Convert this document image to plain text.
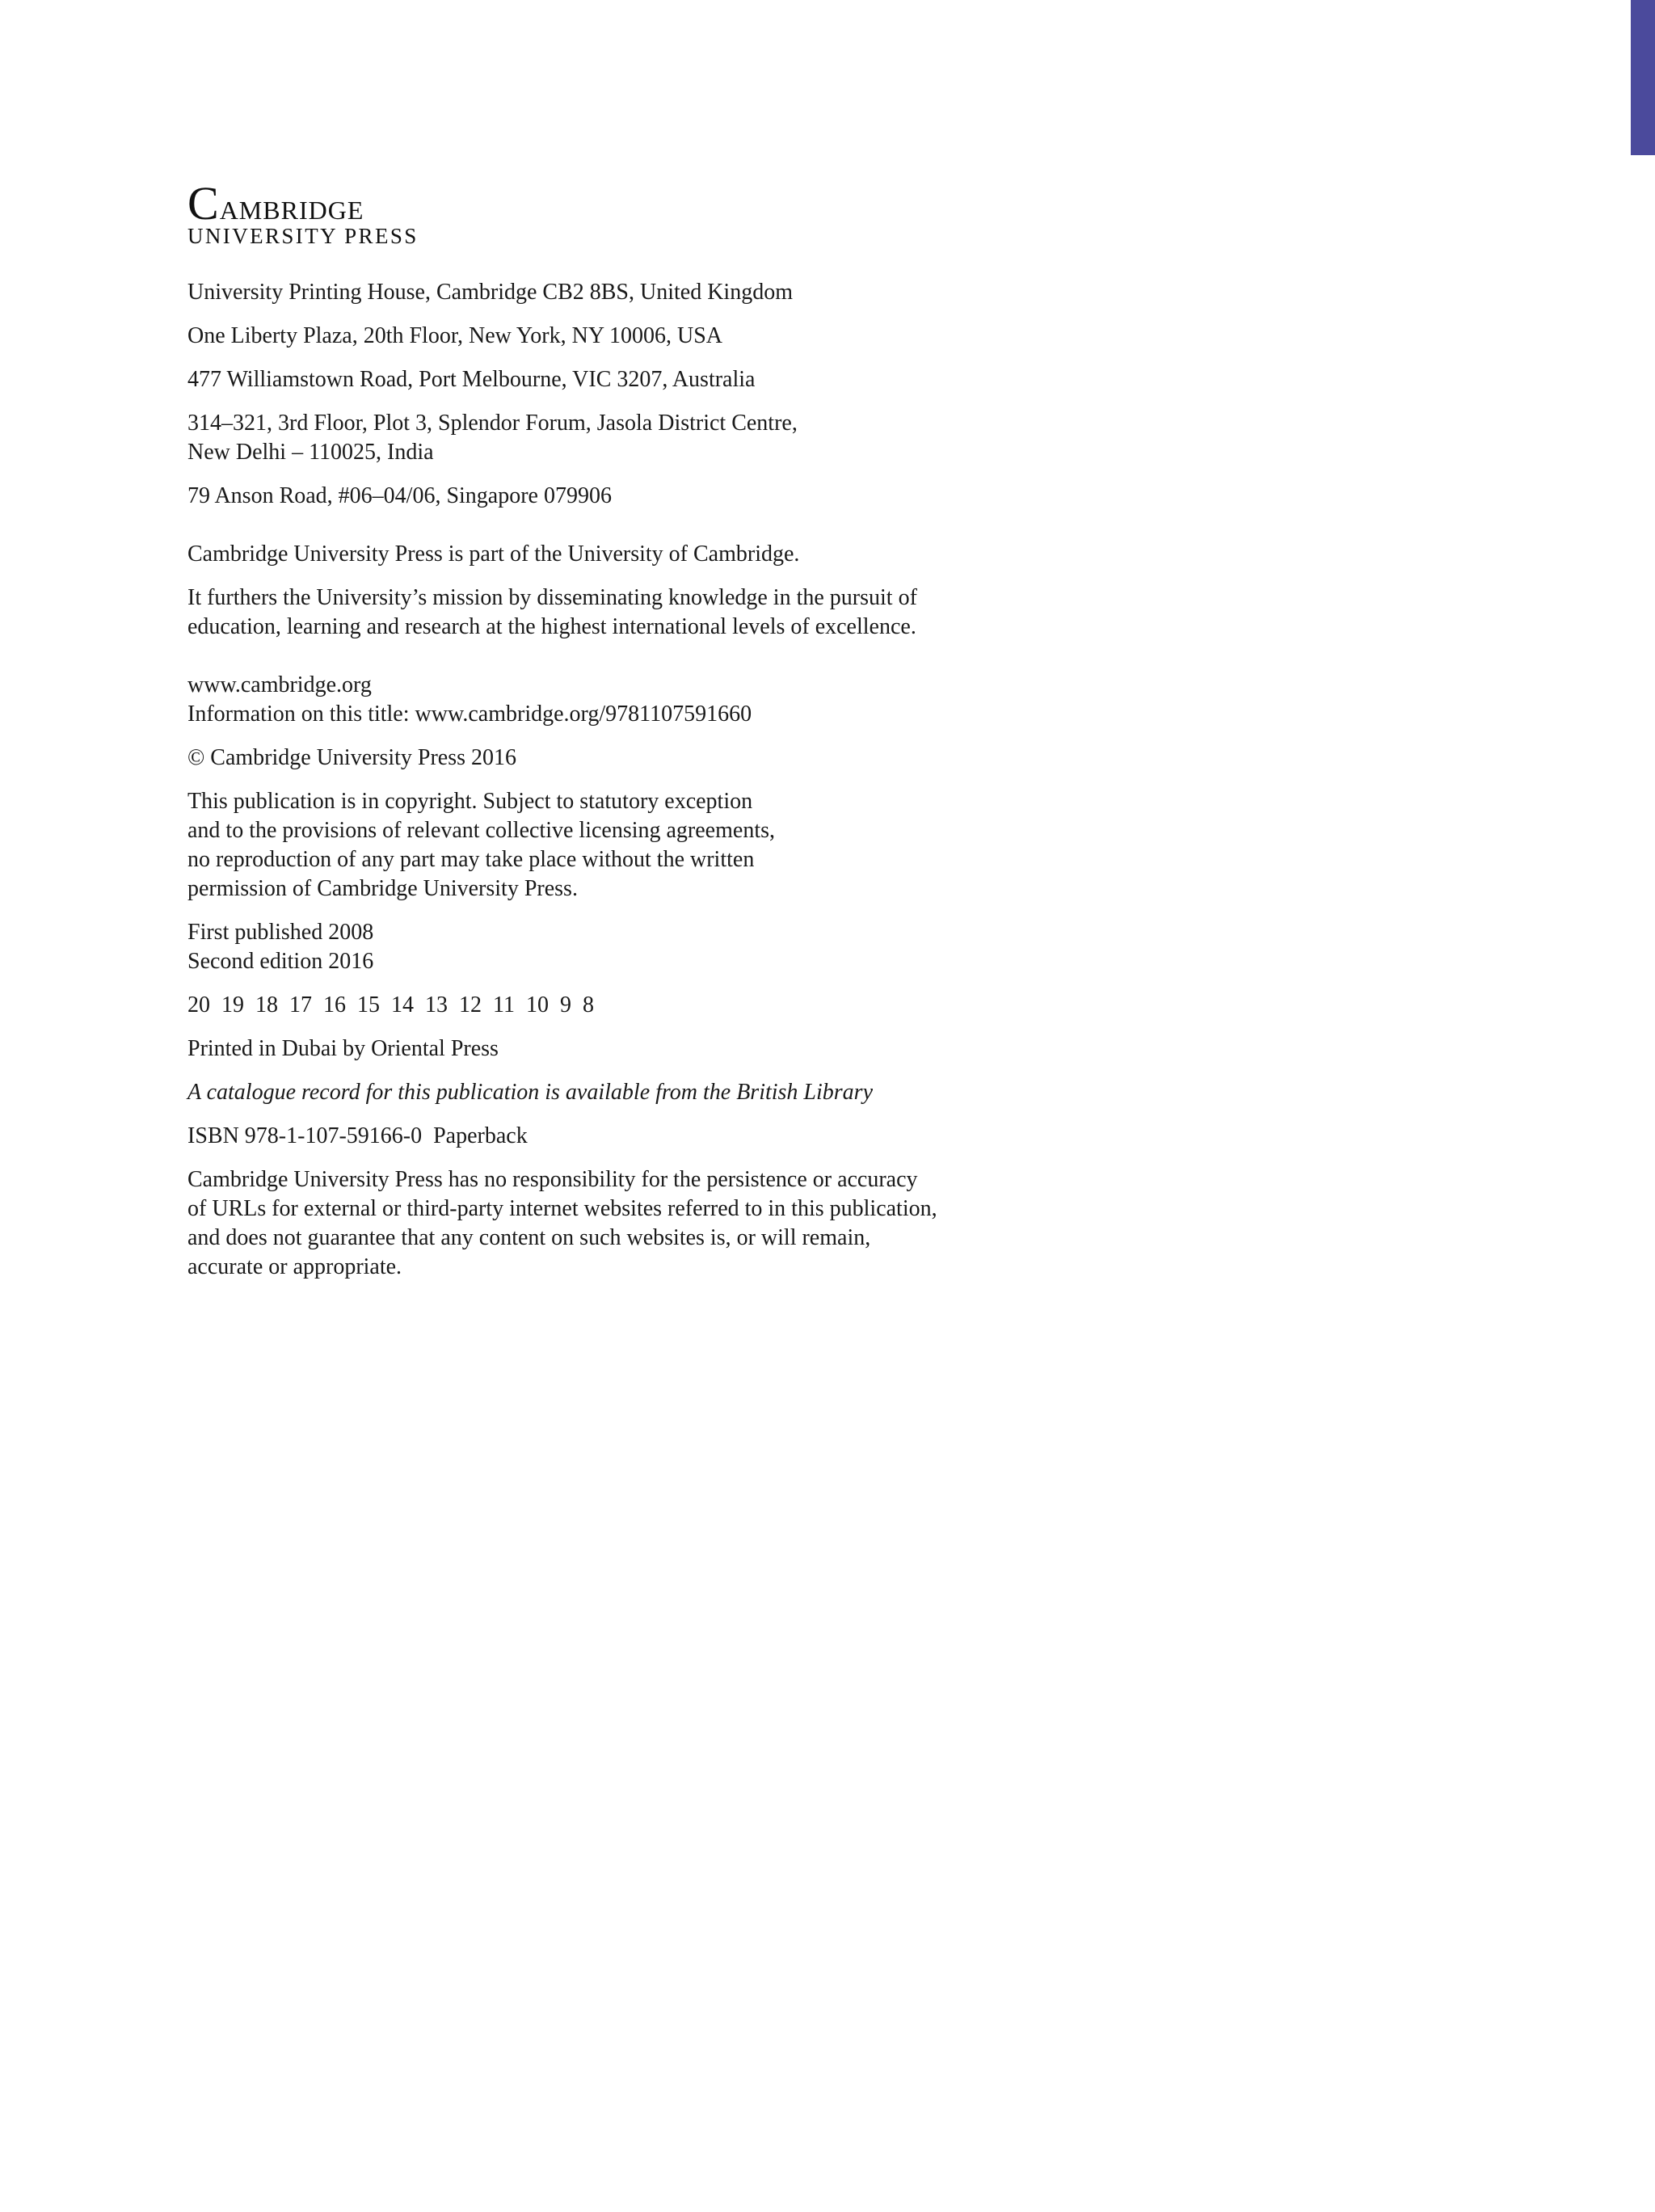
Cambridge
UNIVERSITY PRESS
University Printing House, Cambridge CB2 8BS, United Kingdom
One Liberty Plaza, 20th Floor, New York, NY 10006, USA
477 Williamstown Road, Port Melbourne, VIC 3207, Australia
314–321, 3rd Floor, Plot 3, Splendor Forum, Jasola District Centre,
New Delhi – 110025, India
79 Anson Road, #06–04/06, Singapore 079906
Cambridge University Press is part of the University of Cambridge.
It furthers the University’s mission by disseminating knowledge in the pursuit of
education, learning and research at the highest international levels of excellence.
www.cambridge.org
Information on this title: www.cambridge.org/9781107591660
© Cambridge University Press 2016
This publication is in copyright. Subject to statutory exception
and to the provisions of relevant collective licensing agreements,
no reproduction of any part may take place without the written
permission of Cambridge University Press.
First published 2008
Second edition 2016
20 19 18 17 16 15 14 13 12 11 10 9 8
Printed in Dubai by Oriental Press
A catalogue record for this publication is available from the British Library
ISBN 978-1-107-59166-0  Paperback
Cambridge University Press has no responsibility for the persistence or accuracy
of URLs for external or third-party internet websites referred to in this publication,
and does not guarantee that any content on such websites is, or will remain,
accurate or appropriate.
